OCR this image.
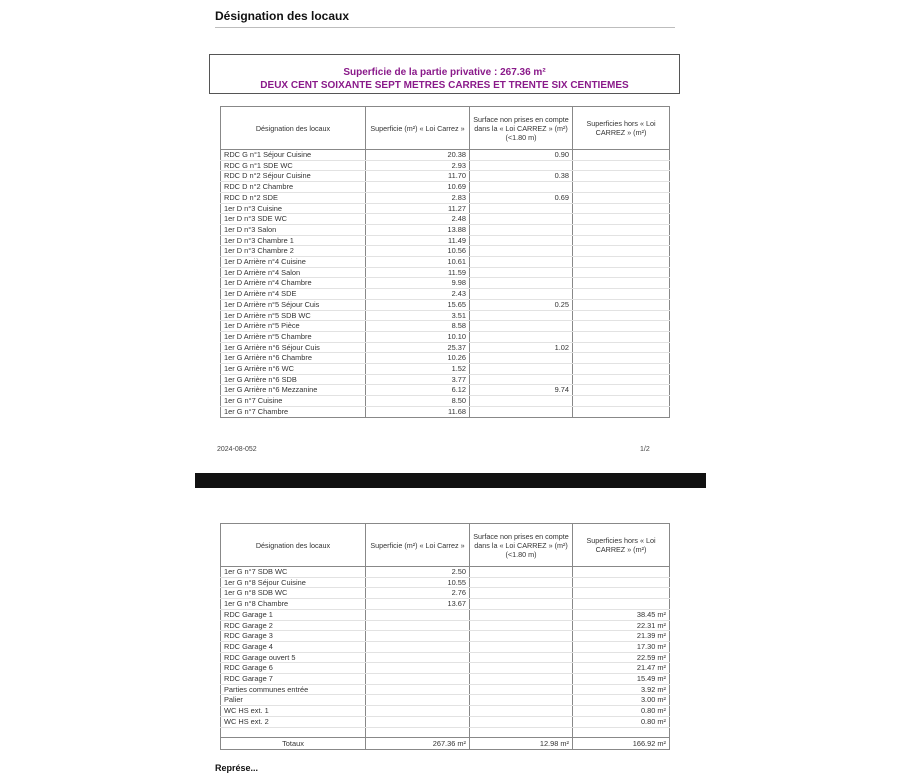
Désignation des locaux
Superficie de la partie privative : 267.36 m²
DEUX CENT SOIXANTE SEPT METRES CARRES ET TRENTE SIX CENTIEMES
Désignation des locaux	Superficie (m²) « Loi Carrez »	Surface non prises en compte dans la « Loi CARREZ » (m²) (<1.80 m)	Superficies hors « Loi CARREZ » (m²)
RDC G n°1 Séjour Cuisine	20.38	0.90	
RDC G n°1 SDE WC	2.93		
RDC D n°2 Séjour Cuisine	11.70	0.38	
RDC D n°2 Chambre	10.69		
RDC D n°2 SDE	2.83	0.69	
1er D n°3 Cuisine	11.27		
1er D n°3 SDE WC	2.48		
1er D n°3 Salon	13.88		
1er D n°3 Chambre 1	11.49		
1er D n°3 Chambre 2	10.56		
1er D Arrière n°4 Cuisine	10.61		
1er D Arrière n°4 Salon	11.59		
1er D Arrière n°4 Chambre	9.98		
1er D Arrière n°4 SDE	2.43		
1er D Arrière n°5 Séjour Cuis	15.65	0.25	
1er D Arrière n°5 SDB WC	3.51		
1er D Arrière n°5 Pièce	8.58		
1er D Arrière n°5 Chambre	10.10		
1er G Arrière n°6 Séjour Cuis	25.37	1.02	
1er G Arrière n°6 Chambre	10.26		
1er G Arrière n°6 WC	1.52		
1er G Arrière n°6 SDB	3.77		
1er G Arrière n°6 Mezzanine	6.12	9.74	
1er G n°7 Cuisine	8.50		
1er G n°7 Chambre	11.68		
2024-08-052	1/2
Désignation des locaux	Superficie (m²) « Loi Carrez »	Surface non prises en compte dans la « Loi CARREZ » (m²) (<1.80 m)	Superficies hors « Loi CARREZ » (m²)
1er G n°7 SDB WC	2.50		
1er G n°8 Séjour Cuisine	10.55		
1er G n°8 SDB WC	2.76		
1er G n°8 Chambre	13.67		
RDC Garage 1			38.45 m²
RDC Garage 2			22.31 m²
RDC Garage 3			21.39 m²
RDC Garage 4			17.30 m²
RDC Garage ouvert 5			22.59 m²
RDC Garage 6			21.47 m²
RDC Garage 7			15.49 m²
Parties communes entrée			3.92 m²
Palier			3.00 m²
WC HS ext. 1			0.80 m²
WC HS ext. 2			0.80 m²

Totaux	267.36 m²	12.98 m²	166.92 m²
Représe...
